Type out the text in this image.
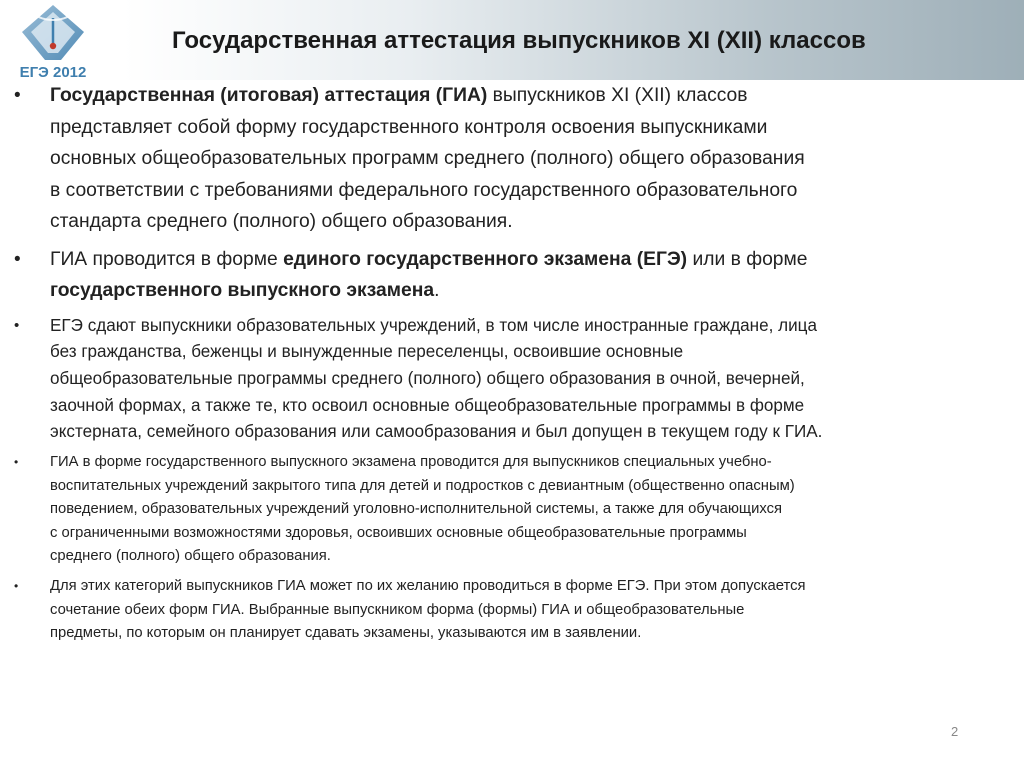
ЕГЭ 2012
Государственная аттестация выпускников XI (XII) классов
• Государственная (итоговая) аттестация (ГИА) выпускников XI (XII) классов
представляет собой форму государственного контроля освоения выпускниками
основных общеобразовательных программ среднего (полного) общего образования
в соответствии с требованиями федерального государственного образовательного
стандарта среднего (полного) общего образования.
• ГИА проводится в форме единого государственного экзамена (ЕГЭ) или в форме
государственного выпускного экзамена.
• ЕГЭ сдают выпускники образовательных учреждений, в том числе иностранные граждане, лица
без гражданства, беженцы и вынужденные переселенцы, освоившие основные
общеобразовательные программы среднего (полного) общего образования в очной, вечерней,
заочной формах, а также те, кто освоил основные общеобразовательные программы в форме
экстерната, семейного образования или самообразования и был допущен в текущем году к ГИА.
• ГИА в форме государственного выпускного экзамена проводится для выпускников специальных учебно-
воспитательных учреждений закрытого типа для детей и подростков с девиантным (общественно опасным)
поведением, образовательных учреждений уголовно-исполнительной системы, а также для обучающихся
с ограниченными возможностями здоровья, освоивших основные общеобразовательные программы
среднего (полного) общего образования.
• Для этих категорий выпускников ГИА может по их желанию проводиться в форме ЕГЭ. При этом допускается
сочетание обеих форм ГИА. Выбранные выпускником форма (формы) ГИА и общеобразовательные
предметы, по которым он планирует сдавать экзамены, указываются им в заявлении.
2
